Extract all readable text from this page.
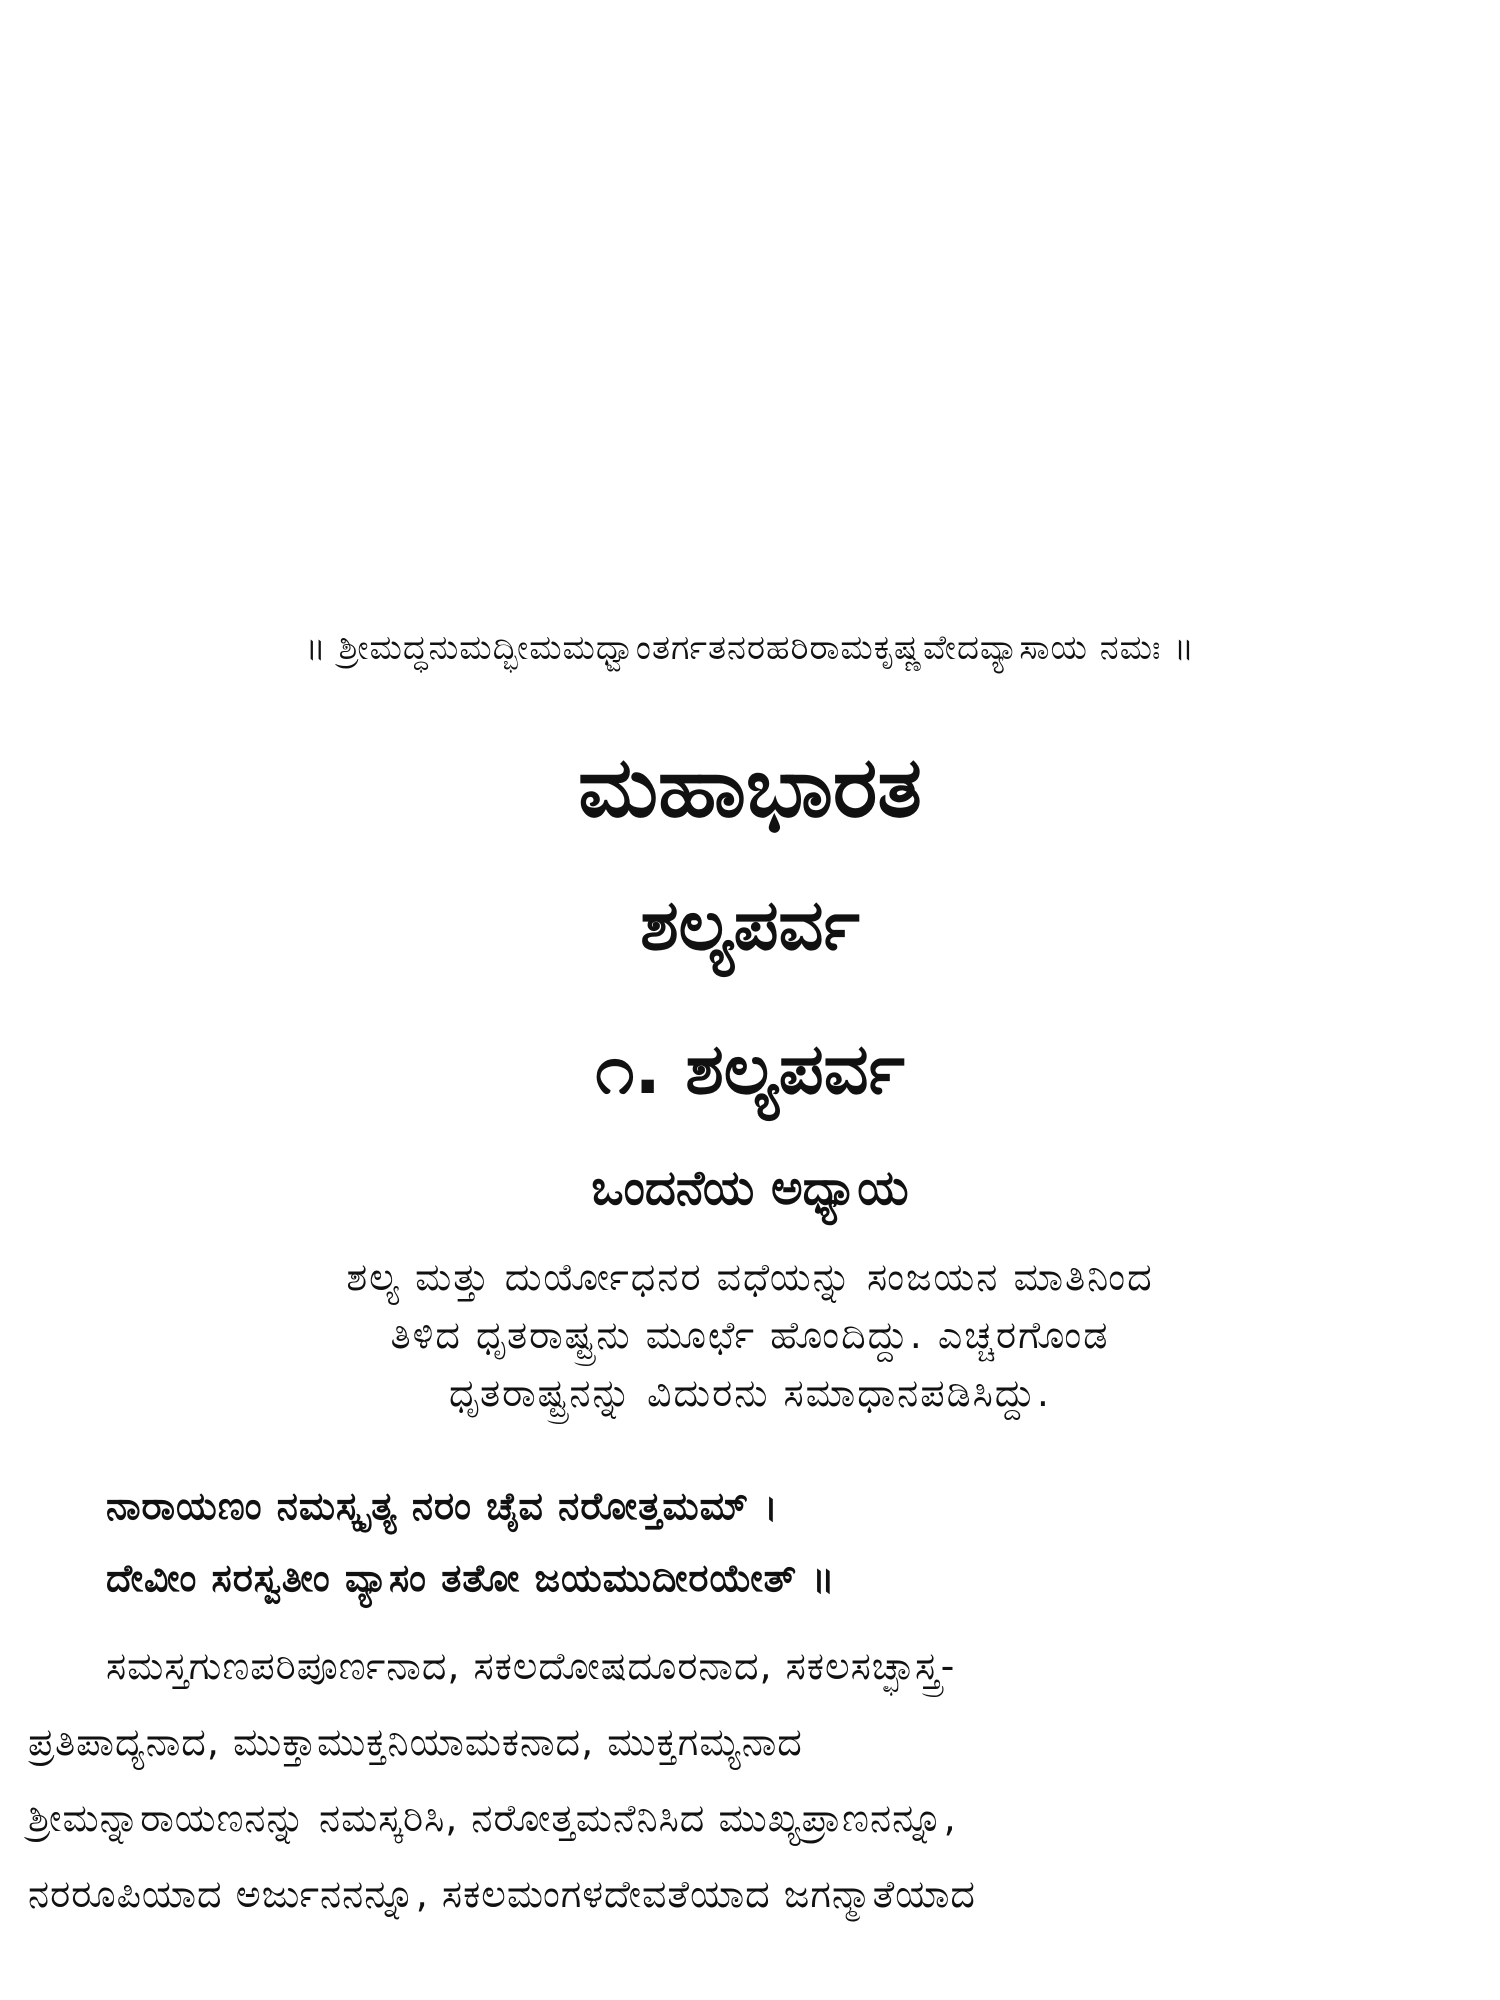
॥ ಶ್ರೀಮದ್ಧನುಮದ್ಭೀಮಮಧ್ವಾಂತರ್ಗತನರಹರಿರಾಮಕೃಷ್ಣವೇದವ್ಯಾಸಾಯ ನಮಃ ॥
ಮಹಾಭಾರತ
ಶಲ್ಯಪರ್ವ
೧. ಶಲ್ಯಪರ್ವ
ಒಂದನೆಯ ಅಧ್ಯಾಯ
ಶಲ್ಯ ಮತ್ತು ದುರ್ಯೋಧನರ ವಧೆಯನ್ನು ಸಂಜಯನ ಮಾತಿನಿಂದ
ತಿಳಿದ ಧೃತರಾಷ್ಟ್ರನು ಮೂರ್ಛೆ ಹೊಂದಿದ್ದು. ಎಚ್ಚರಗೊಂಡ
ಧೃತರಾಷ್ಟ್ರನನ್ನು ವಿದುರನು ಸಮಾಧಾನಪಡಿಸಿದ್ದು.
ನಾರಾಯಣಂ ನಮಸ್ಕೃತ್ಯ ನರಂ ಚೈವ ನರೋತ್ತಮಮ್ ।
ದೇವೀಂ ಸರಸ್ವತೀಂ ವ್ಯಾಸಂ ತತೋ ಜಯಮುದೀರಯೇತ್ ॥
ಸಮಸ್ತಗುಣಪರಿಪೂರ್ಣನಾದ, ಸಕಲದೋಷದೂರನಾದ, ಸಕಲಸಚ್ಛಾಸ್ತ್ರ-
ಪ್ರತಿಪಾದ್ಯನಾದ, ಮುಕ್ತಾಮುಕ್ತನಿಯಾಮಕನಾದ, ಮುಕ್ತಗಮ್ಯನಾದ
ಶ್ರೀಮನ್ನಾರಾಯಣನನ್ನು ನಮಸ್ಕರಿಸಿ, ನರೋತ್ತಮನೆನಿಸಿದ ಮುಖ್ಯಪ್ರಾಣನನ್ನೂ,
ನರರೂಪಿಯಾದ ಅರ್ಜುನನನ್ನೂ, ಸಕಲಮಂಗಳದೇವತೆಯಾದ ಜಗನ್ಮಾತೆಯಾದ
